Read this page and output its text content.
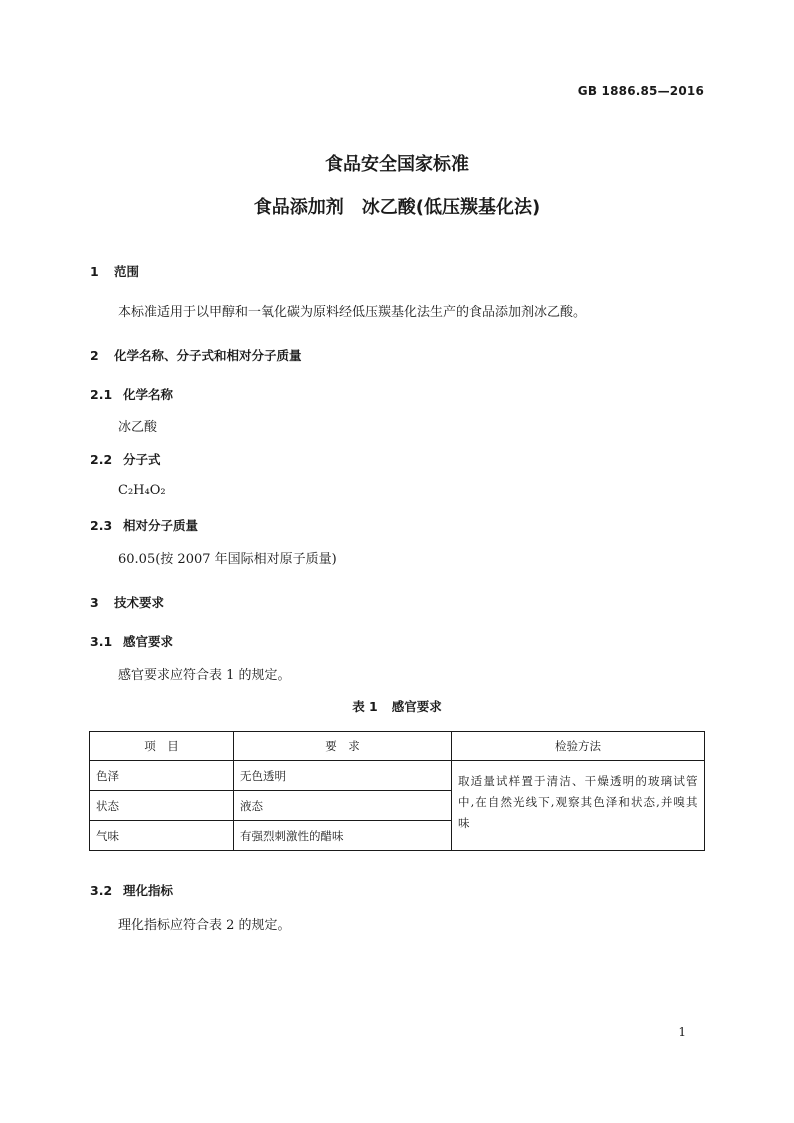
GB 1886.85—2016
食品安全国家标准
食品添加剂　冰乙酸(低压羰基化法)
1 范围
本标准适用于以甲醇和一氧化碳为原料经低压羰基化法生产的食品添加剂冰乙酸。
2 化学名称、分子式和相对分子质量
2.1 化学名称
冰乙酸
2.2 分子式
C₂H₄O₂
2.3 相对分子质量
60.05(按 2007 年国际相对原子质量)
3 技术要求
3.1 感官要求
感官要求应符合表 1 的规定。
表 1 感官要求
项　目	要　求	检验方法
色泽	无色透明	取适量试样置于清洁、干燥透明的玻璃试管中,在自然光线下,观察其色泽和状态,并嗅其味
状态	液态	
气味	有强烈刺激性的醋味	
3.2 理化指标
理化指标应符合表 2 的规定。
1
